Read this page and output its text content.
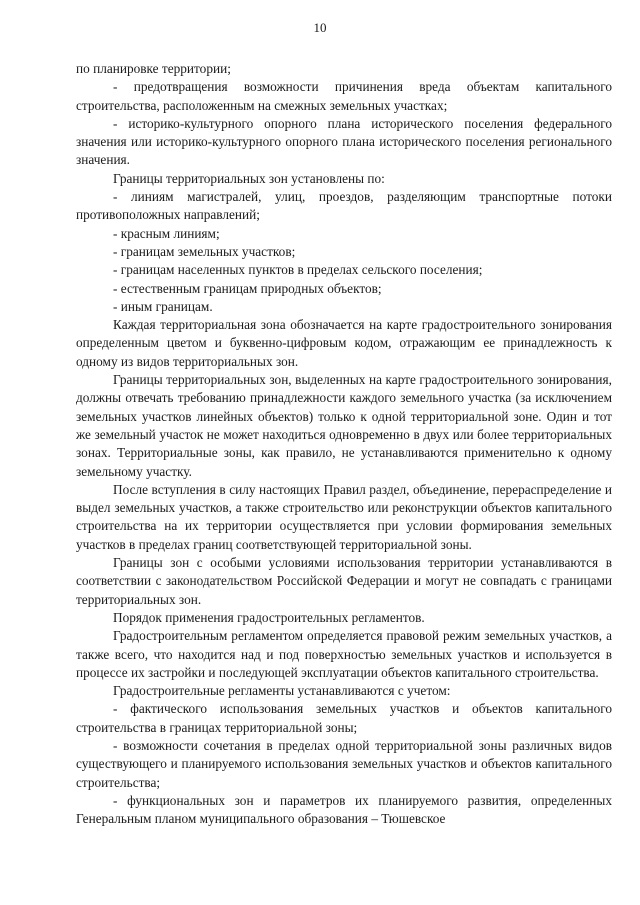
10

по планировке территории;

- предотвращения возможности причинения вреда объектам капитального строительства, расположенным на смежных земельных участках;

- историко-культурного опорного плана исторического поселения федерального значения или историко-культурного опорного плана исторического поселения регионального значения.

Границы территориальных зон установлены по:

- линиям магистралей, улиц, проездов, разделяющим транспортные потоки противоположных направлений;

- красным линиям;

- границам земельных участков;

- границам населенных пунктов в пределах сельского поселения;

- естественным границам природных объектов;

- иным границам.

Каждая территориальная зона обозначается на карте градостроительного зонирования определенным цветом и буквенно-цифровым кодом, отражающим ее принадлежность к одному из видов территориальных зон.

Границы территориальных зон, выделенных на карте градостроительного зонирования, должны отвечать требованию принадлежности каждого земельного участка (за исключением земельных участков линейных объектов) только к одной территориальной зоне. Один и тот же земельный участок не может находиться одновременно в двух или более территориальных зонах. Территориальные зоны, как правило, не устанавливаются применительно к одному земельному участку.

После вступления в силу настоящих Правил раздел, объединение, перераспределение и выдел земельных участков, а также строительство или реконструкции объектов капитального строительства на их территории осуществляется при условии формирования земельных участков в пределах границ соответствующей территориальной зоны.

Границы зон с особыми условиями использования территории устанавливаются в соответствии с законодательством Российской Федерации и могут не совпадать с границами территориальных зон.

Порядок применения градостроительных регламентов.

Градостроительным регламентом определяется правовой режим земельных участков, а также всего, что находится над и под поверхностью земельных участков и используется в процессе их застройки и последующей эксплуатации объектов капитального строительства.

Градостроительные регламенты устанавливаются с учетом:

- фактического использования земельных участков и объектов капитального строительства в границах территориальной зоны;

- возможности сочетания в пределах одной территориальной зоны различных видов существующего и планируемого использования земельных участков и объектов капитального строительства;

- функциональных зон и параметров их планируемого развития, определенных Генеральным планом муниципального образования – Тюшевское
